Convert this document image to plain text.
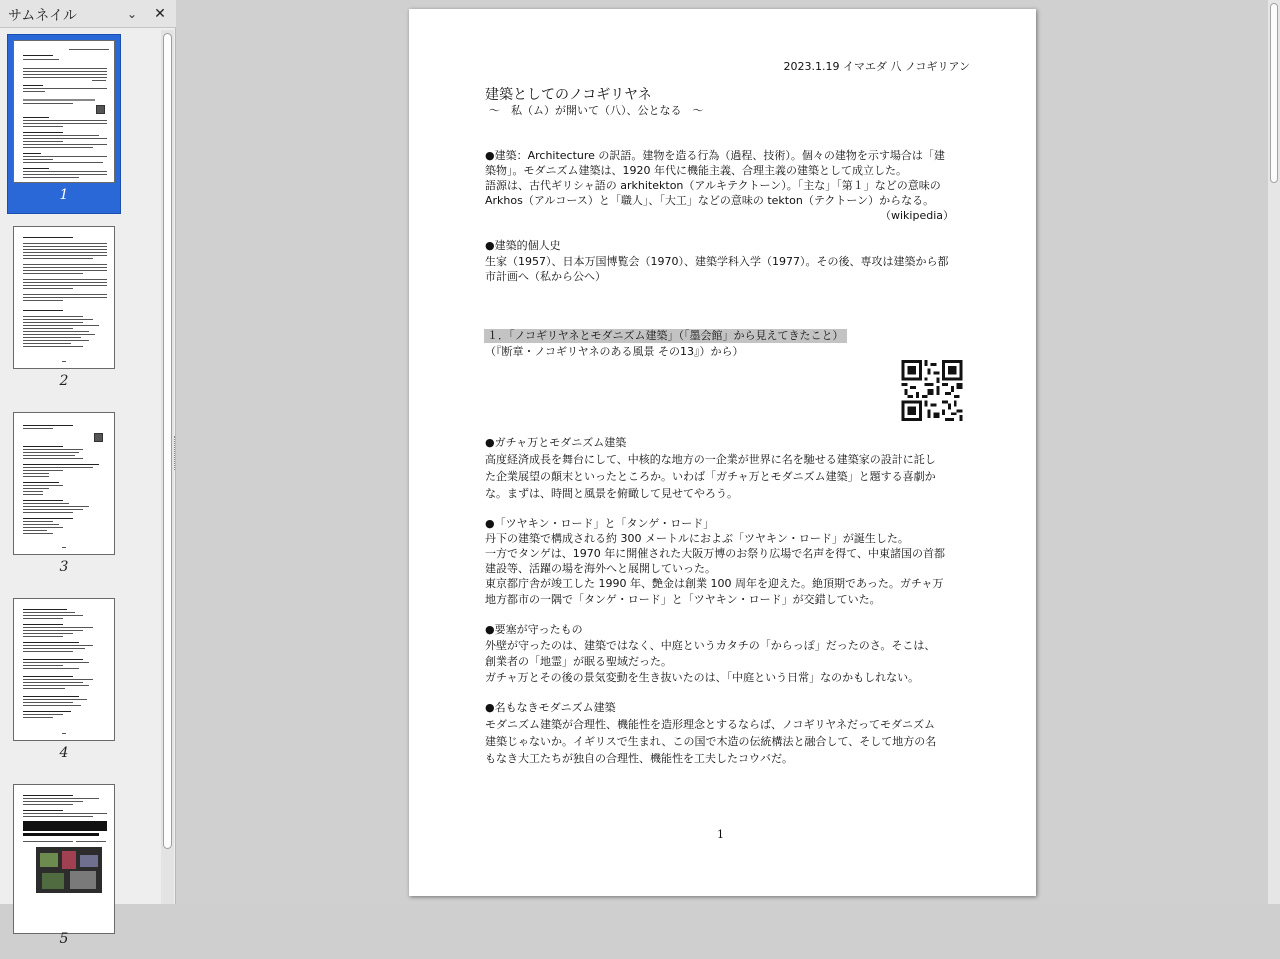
サムネイル	⌄ ✕
1
2
3
4
5
2023.1.19 イマエダ 八 ノコギリアン
建築としてのノコギリヤネ
～　私（ム）が開いて（八）、公となる　～
●建築：Architecture の訳語。建物を造る行為（過程、技術）。個々の建物を示す場合は「建
築物」。モダニズム建築は、1920 年代に機能主義、合理主義の建築として成立した。
語源は、古代ギリシャ語の arkhitekton（アルキテクトーン）。「主な」「第１」などの意味の
Arkhos（アルコース）と「職人」、「大工」などの意味の tekton（テクトーン）からなる。
（wikipedia）
●建築的個人史
生家（1957）、日本万国博覧会（1970）、建築学科入学（1977）。その後、専攻は建築から都
市計画へ（私から公へ）
１．「ノコギリヤネとモダニズム建築」（「墨会館」から見えてきたこと）
（『断章・ノコギリヤネのある風景 その13』）から）
●ガチャ万とモダニズム建築
高度経済成長を舞台にして、中核的な地方の一企業が世界に名を馳せる建築家の設計に託し
た企業展望の顛末といったところか。いわば「ガチャ万とモダニズム建築」と題する喜劇か
な。まずは、時間と風景を俯瞰して見せてやろう。
●「ツヤキン・ロード」と「タンゲ・ロード」
丹下の建築で構成される約 300 メートルにおよぶ「ツヤキン・ロード」が誕生した。
一方でタンゲは、1970 年に開催された大阪万博のお祭り広場で名声を得て、中東諸国の首都
建設等、活躍の場を海外へと展開していった。
東京都庁舎が竣工した 1990 年、艶金は創業 100 周年を迎えた。絶頂期であった。ガチャ万
地方都市の一隅で「タンゲ・ロード」と「ツヤキン・ロード」が交錯していた。
●要塞が守ったもの
外壁が守ったのは、建築ではなく、中庭というカタチの「からっぽ」だったのさ。そこは、
創業者の「地霊」が眠る聖域だった。
ガチャ万とその後の景気変動を生き抜いたのは、「中庭という日常」なのかもしれない。
●名もなきモダニズム建築
モダニズム建築が合理性、機能性を造形理念とするならば、ノコギリヤネだってモダニズム
建築じゃないか。イギリスで生まれ、この国で木造の伝統構法と融合して、そして地方の名
もなき大工たちが独自の合理性、機能性を工夫したコウバだ。
1
